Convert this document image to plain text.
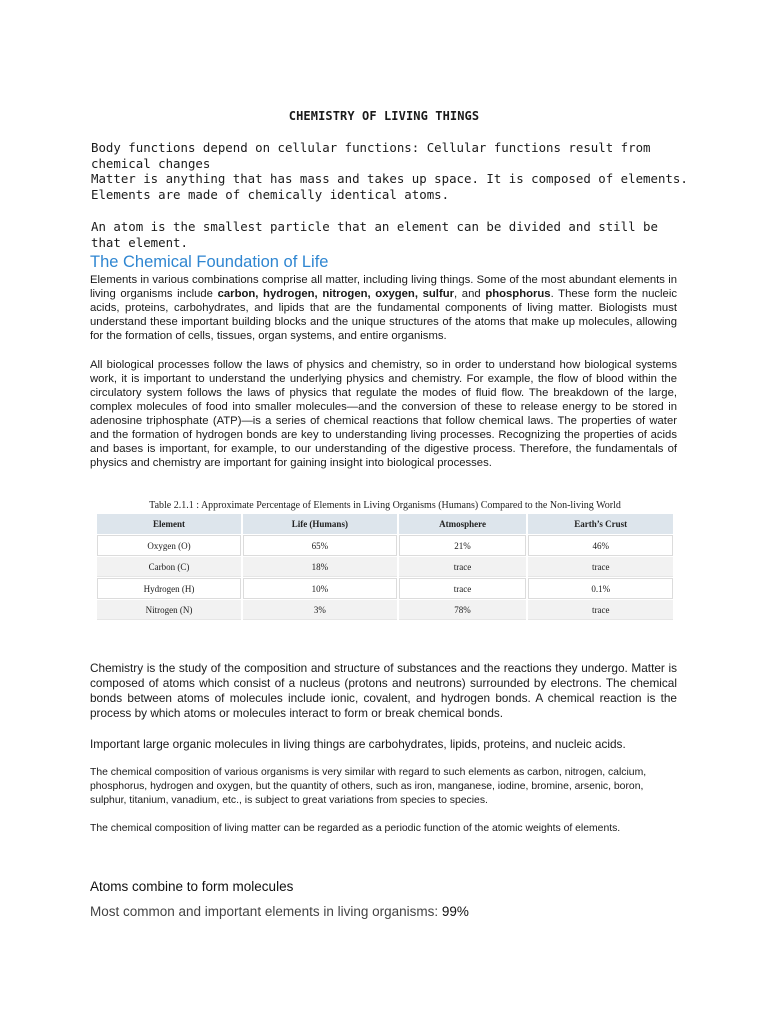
CHEMISTRY OF LIVING THINGS
Body functions depend on cellular functions: Cellular functions result from chemical changes
Matter is anything that has mass and takes up space. It is composed of elements. Elements are made of chemically identical atoms.
An atom is the smallest particle that an element can be divided and still be that element.
The Chemical Foundation of Life
Elements in various combinations comprise all matter, including living things. Some of the most abundant elements in living organisms include carbon, hydrogen, nitrogen, oxygen, sulfur, and phosphorus. These form the nucleic acids, proteins, carbohydrates, and lipids that are the fundamental components of living matter. Biologists must understand these important building blocks and the unique structures of the atoms that make up molecules, allowing for the formation of cells, tissues, organ systems, and entire organisms.
All biological processes follow the laws of physics and chemistry, so in order to understand how biological systems work, it is important to understand the underlying physics and chemistry. For example, the flow of blood within the circulatory system follows the laws of physics that regulate the modes of fluid flow. The breakdown of the large, complex molecules of food into smaller molecules—and the conversion of these to release energy to be stored in adenosine triphosphate (ATP)—is a series of chemical reactions that follow chemical laws. The properties of water and the formation of hydrogen bonds are key to understanding living processes. Recognizing the properties of acids and bases is important, for example, to our understanding of the digestive process. Therefore, the fundamentals of physics and chemistry are important for gaining insight into biological processes.
Table 2.1.1 : Approximate Percentage of Elements in Living Organisms (Humans) Compared to the Non-living World
Element	Life (Humans)	Atmosphere	Earth’s Crust
Oxygen (O)	65%	21%	46%
Carbon (C)	18%	trace	trace
Hydrogen (H)	10%	trace	0.1%
Nitrogen (N)	3%	78%	trace
Chemistry is the study of the composition and structure of substances and the reactions they undergo. Matter is composed of atoms which consist of a nucleus (protons and neutrons) surrounded by electrons. The chemical bonds between atoms of molecules include ionic, covalent, and hydrogen bonds. A chemical reaction is the process by which atoms or molecules interact to form or break chemical bonds.
Important large organic molecules in living things are carbohydrates, lipids, proteins, and nucleic acids.
The chemical composition of various organisms is very similar with regard to such elements as carbon, nitrogen, calcium, phosphorus, hydrogen and oxygen, but the quantity of others, such as iron, manganese, iodine, bromine, arsenic, boron, sulphur, titanium, vanadium, etc., is subject to great variations from species to species.
The chemical composition of living matter can be regarded as a periodic function of the atomic weights of elements.
Atoms combine to form molecules
Most common and important elements in living organisms: 99%
